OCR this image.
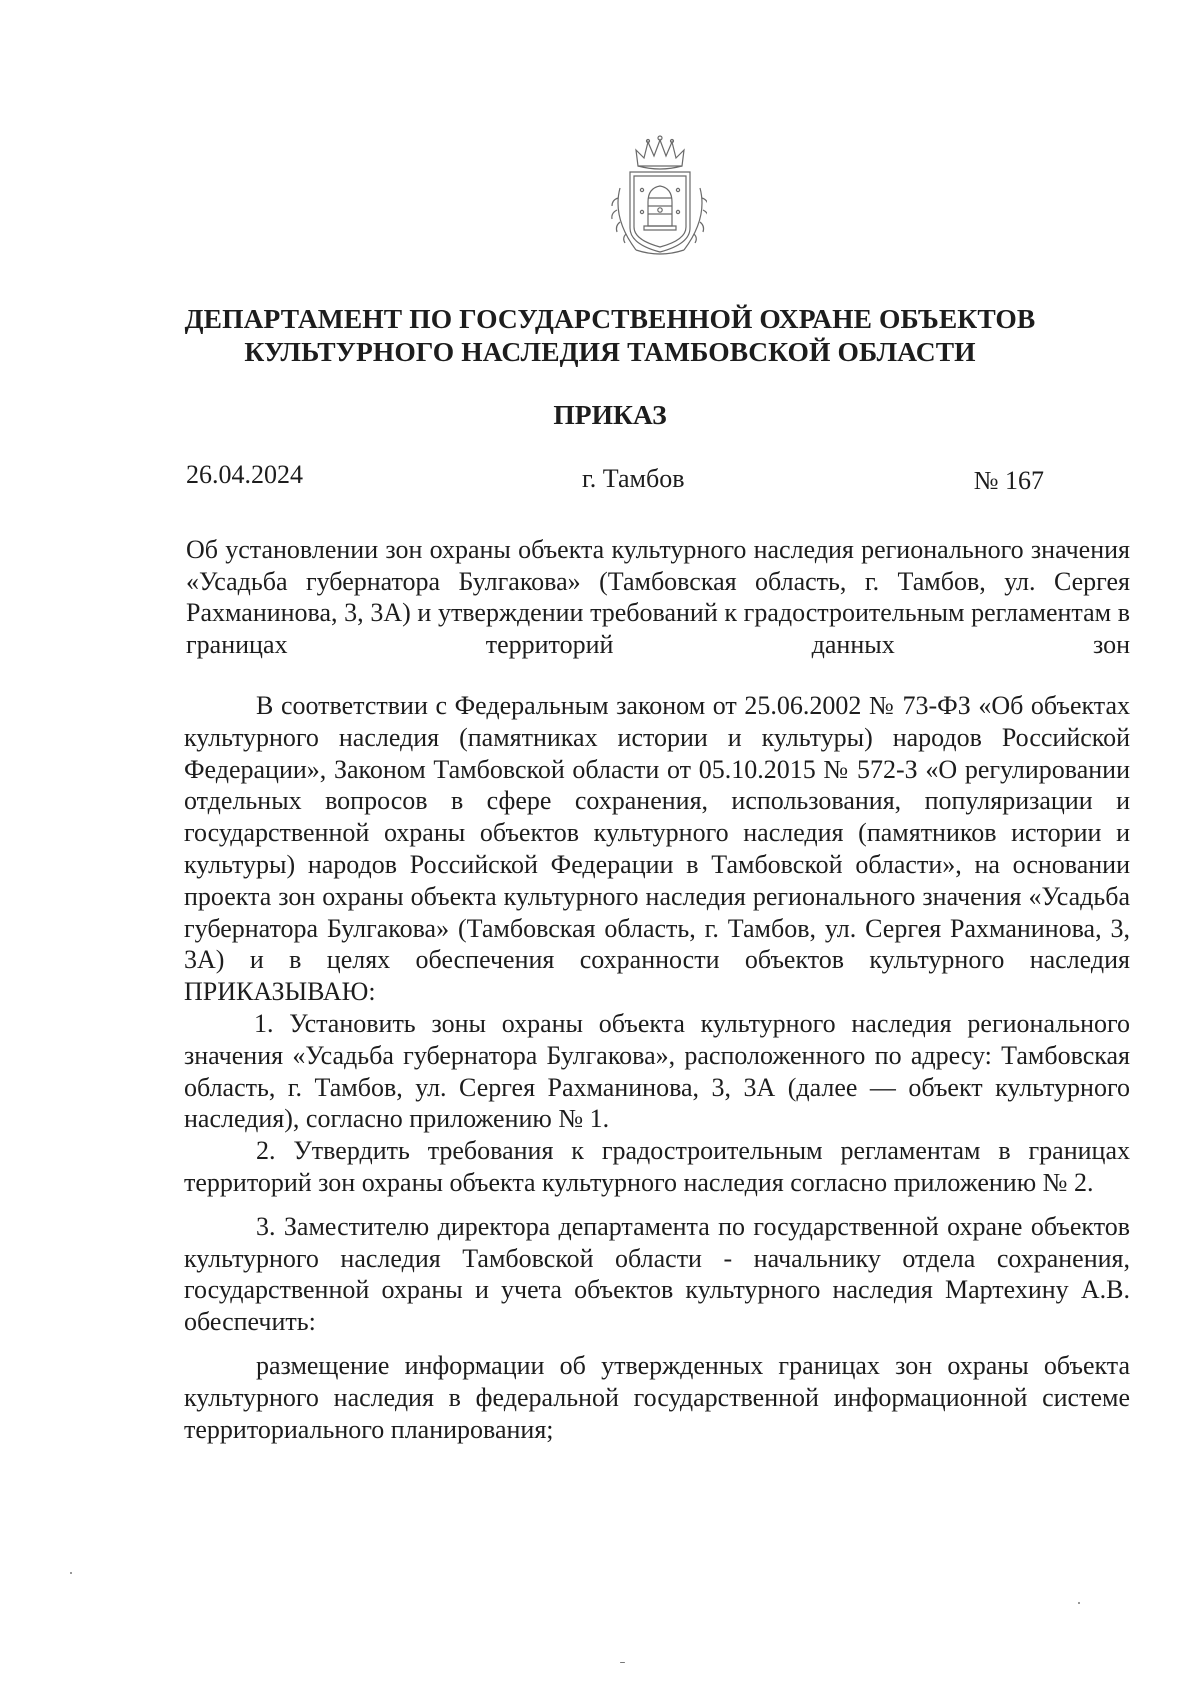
ДЕПАРТАМЕНТ ПО ГОСУДАРСТВЕННОЙ ОХРАНЕ ОБЪЕКТОВ
КУЛЬТУРНОГО НАСЛЕДИЯ ТАМБОВСКОЙ ОБЛАСТИ
ПРИКАЗ
26.04.2024	г. Тамбов	№ 167
Об установлении зон охраны объекта культурного наследия регионального значения «Усадьба губернатора Булгакова» (Тамбовская область, г. Тамбов, ул. Сергея Рахманинова, 3, 3А) и утверждении требований к градостроительным регламентам в границах территорий данных зон

В соответствии с Федеральным законом от 25.06.2002 № 73-ФЗ «Об объектах культурного наследия (памятниках истории и культуры) народов Российской Федерации», Законом Тамбовской области от 05.10.2015 № 572-З «О регулировании отдельных вопросов в сфере сохранения, использования, популяризации и государственной охраны объектов культурного наследия (памятников истории и культуры) народов Российской Федерации в Тамбовской области», на основании проекта зон охраны объекта культурного наследия регионального значения «Усадьба губернатора Булгакова» (Тамбовская область, г. Тамбов, ул. Сергея Рахманинова, 3, 3А) и в целях обеспечения сохранности объектов культурного наследия ПРИКАЗЫВАЮ:

1. Установить зоны охраны объекта культурного наследия регионального значения «Усадьба губернатора Булгакова», расположенного по адресу: Тамбовская область, г. Тамбов, ул. Сергея Рахманинова, 3, 3А (далее — объект культурного наследия), согласно приложению № 1.

2. Утвердить требования к градостроительным регламентам в границах территорий зон охраны объекта культурного наследия согласно приложению № 2.

3. Заместителю директора департамента по государственной охране объектов культурного наследия Тамбовской области - начальнику отдела сохранения, государственной охраны и учета объектов культурного наследия Мартехину А.В. обеспечить:

размещение информации об утвержденных границах зон охраны объекта культурного наследия в федеральной государственной информационной системе территориального планирования;
